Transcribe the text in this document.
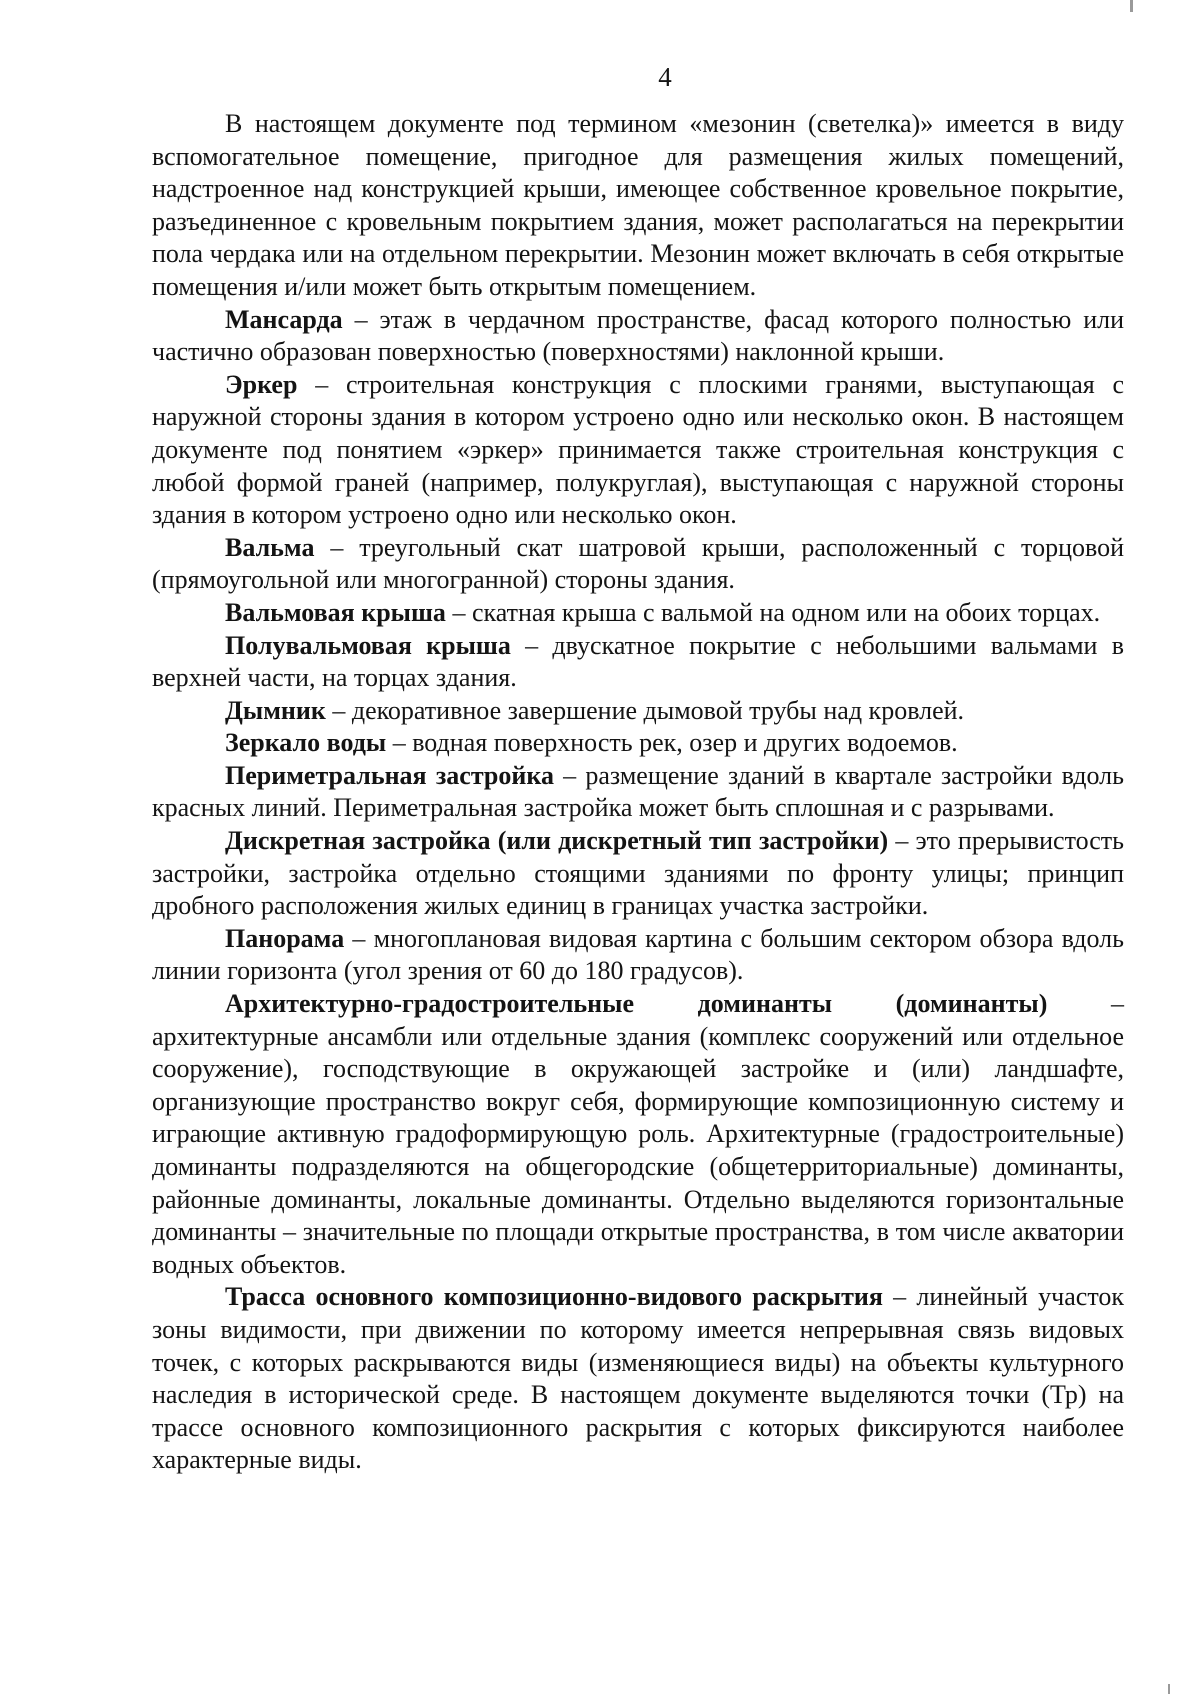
4

В настоящем документе под термином «мезонин (светелка)» имеется в виду вспомогательное помещение, пригодное для размещения жилых помещений, надстроенное над конструкцией крыши, имеющее собственное кровельное покрытие, разъединенное с кровельным покрытием здания, может располагаться на перекрытии пола чердака или на отдельном перекрытии. Мезонин может включать в себя открытые помещения и/или может быть открытым помещением.

Мансарда – этаж в чердачном пространстве, фасад которого полностью или частично образован поверхностью (поверхностями) наклонной крыши.

Эркер – строительная конструкция с плоскими гранями, выступающая с наружной стороны здания в котором устроено одно или несколько окон. В настоящем документе под понятием «эркер» принимается также строительная конструкция с любой формой граней (например, полукруглая), выступающая с наружной стороны здания в котором устроено одно или несколько окон.

Вальма – треугольный скат шатровой крыши, расположенный с торцовой (прямоугольной или многогранной) стороны здания.

Вальмовая крыша – скатная крыша с вальмой на одном или на обоих торцах.

Полувальмовая крыша – двускатное покрытие с небольшими вальмами в верхней части, на торцах здания.

Дымник – декоративное завершение дымовой трубы над кровлей.

Зеркало воды – водная поверхность рек, озер и других водоемов.

Периметральная застройка – размещение зданий в квартале застройки вдоль красных линий. Периметральная застройка может быть сплошная и с разрывами.

Дискретная застройка (или дискретный тип застройки) – это прерывистость застройки, застройка отдельно стоящими зданиями по фронту улицы; принцип дробного расположения жилых единиц в границах участка застройки.

Панорама – многоплановая видовая картина с большим сектором обзора вдоль линии горизонта (угол зрения от 60 до 180 градусов).

Архитектурно-градостроительные доминанты (доминанты) – архитектурные ансамбли или отдельные здания (комплекс сооружений или отдельное сооружение), господствующие в окружающей застройке и (или) ландшафте, организующие пространство вокруг себя, формирующие композиционную систему и играющие активную градоформирующую роль. Архитектурные (градостроительные) доминанты подразделяются на общегородские (общетерриториальные) доминанты, районные доминанты, локальные доминанты. Отдельно выделяются горизонтальные доминанты – значительные по площади открытые пространства, в том числе акватории водных объектов.

Трасса основного композиционно-видового раскрытия – линейный участок зоны видимости, при движении по которому имеется непрерывная связь видовых точек, с которых раскрываются виды (изменяющиеся виды) на объекты культурного наследия в исторической среде. В настоящем документе выделяются точки (Тр) на трассе основного композиционного раскрытия с которых фиксируются наиболее характерные виды.
